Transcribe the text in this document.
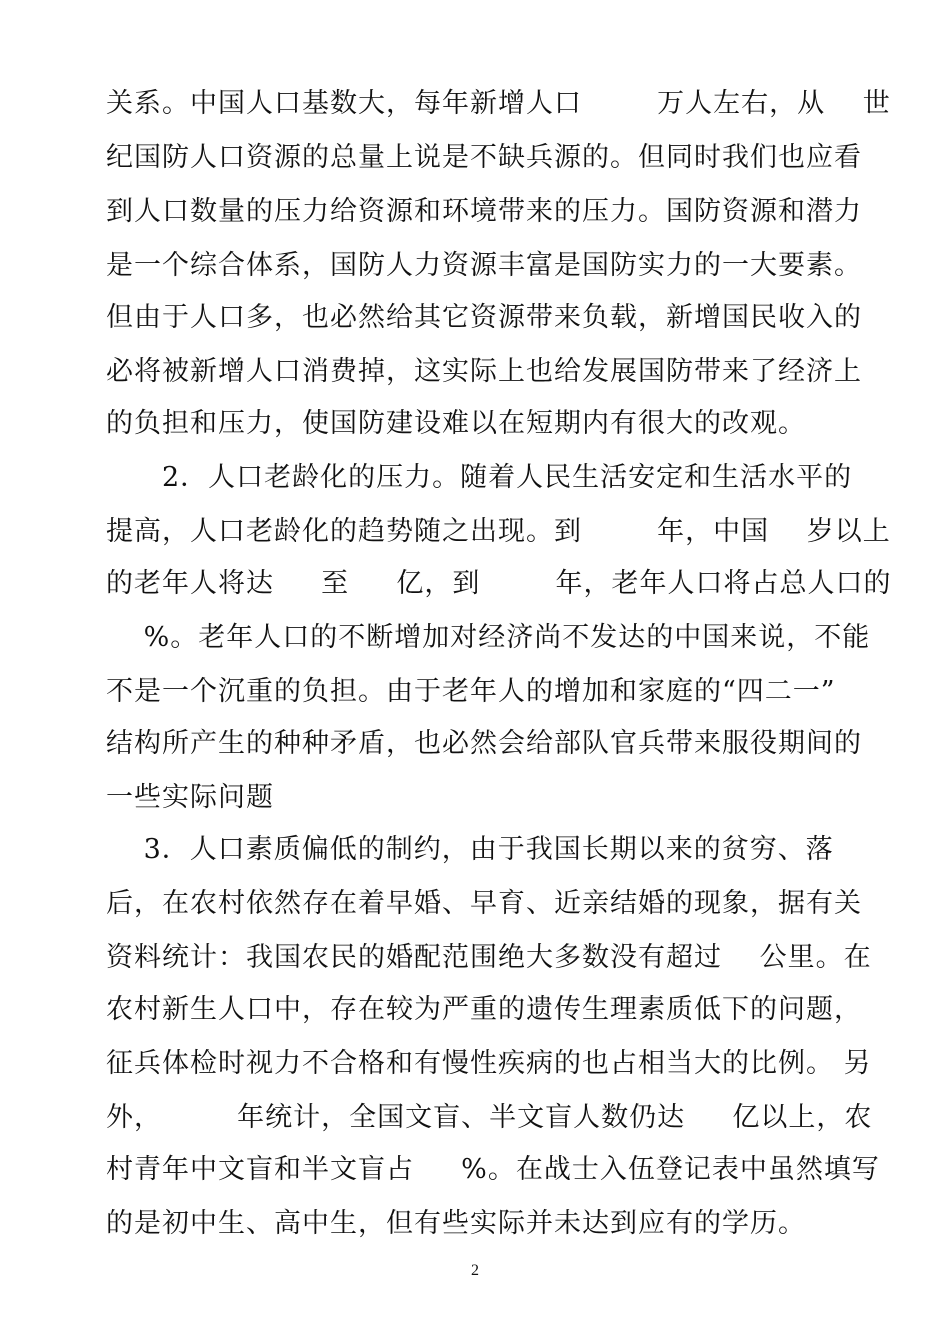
关系。中国人口基数大，每年新增人口 　 　万人左右，从 　世
纪国防人口资源的总量上说是不缺兵源的。但同时我们也应看
到人口数量的压力给资源和环境带来的压力。国防资源和潜力
是一个综合体系，国防人力资源丰富是国防实力的一大要素。
但由于人口多，也必然给其它资源带来负载，新增国民收入的
必将被新增人口消费掉，这实际上也给发展国防带来了经济上
的负担和压力，使国防建设难以在短期内有很大的改观。
　　2．人口老龄化的压力。随着人民生活安定和生活水平的
提高，人口老龄化的趋势随之出现。到 　 　年，中国 　岁以上
的老年人将达 　 至 　 亿，到 　 　年，老年人口将占总人口的
　 %。老年人口的不断增加对经济尚不发达的中国来说，不能
不是一个沉重的负担。由于老年人的增加和家庭的“四二一”
结构所产生的种种矛盾，也必然会给部队官兵带来服役期间的
一些实际问题
　 3．人口素质偏低的制约，由于我国长期以来的贫穷、落
后，在农村依然存在着早婚、早育、近亲结婚的现象，据有关
资料统计：我国农民的婚配范围绝大多数没有超过 　公里。在
农村新生人口中，存在较为严重的遗传生理素质低下的问题，
征兵体检时视力不合格和有慢性疾病的也占相当大的比例。 另
外， 　 　年统计，全国文盲、半文盲人数仍达 　 亿以上，农
村青年中文盲和半文盲占 　 %。在战士入伍登记表中虽然填写
的是初中生、高中生，但有些实际并未达到应有的学历。
2
